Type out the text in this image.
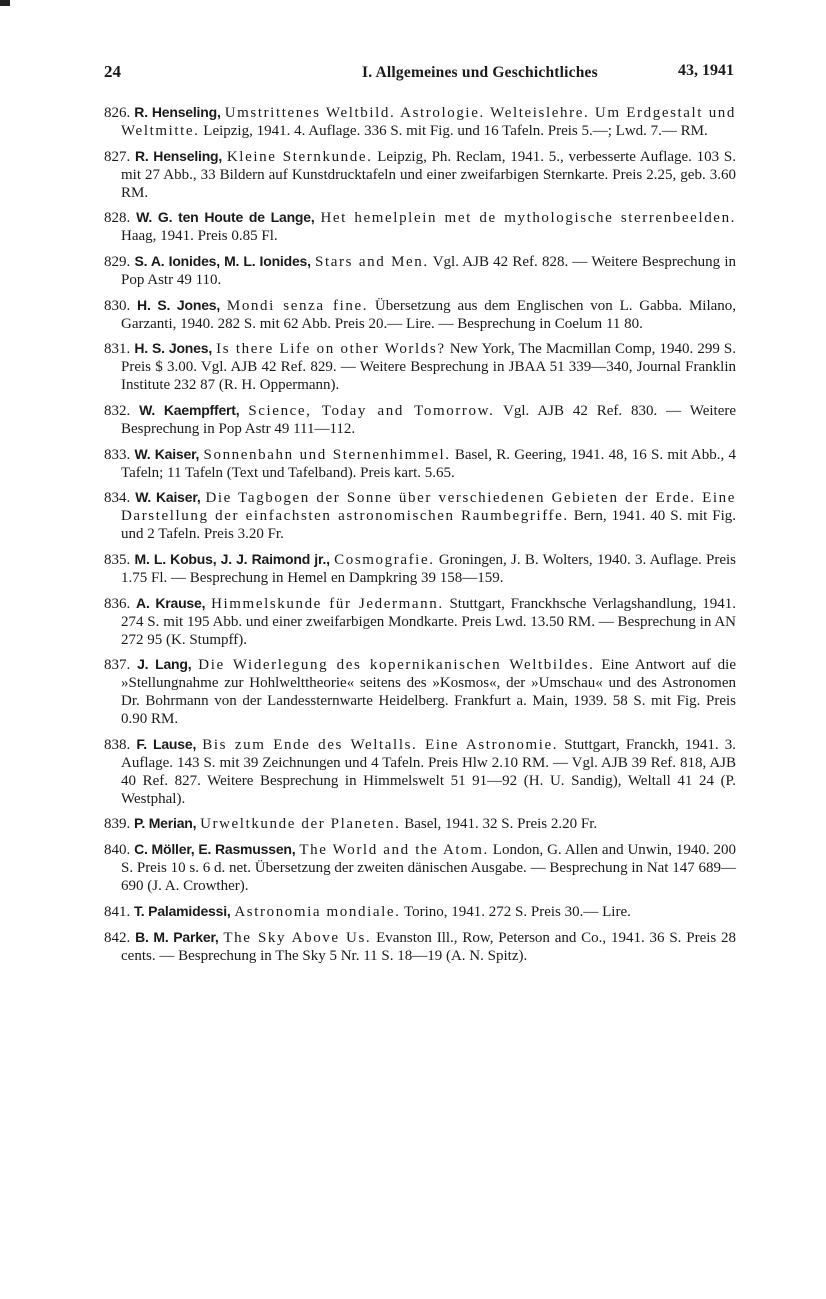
24	I. Allgemeines und Geschichtliches	43, 1941

826. R. Henseling, Umstrittenes Weltbild. Astrologie. Welteislehre. Um Erdgestalt und Weltmitte. Leipzig, 1941. 4. Auflage. 336 S. mit Fig. und 16 Tafeln. Preis 5.—; Lwd. 7.— RM.

827. R. Henseling, Kleine Sternkunde. Leipzig, Ph. Reclam, 1941. 5., verbesserte Auflage. 103 S. mit 27 Abb., 33 Bildern auf Kunstdrucktafeln und einer zweifarbigen Sternkarte. Preis 2.25, geb. 3.60 RM.

828. W. G. ten Houte de Lange, Het hemelplein met de mythologische sterrenbeelden. Haag, 1941. Preis 0.85 Fl.

829. S. A. Ionides, M. L. Ionides, Stars and Men. Vgl. AJB 42 Ref. 828. — Weitere Besprechung in Pop Astr 49 110.

830. H. S. Jones, Mondi senza fine. Übersetzung aus dem Englischen von L. Gabba. Milano, Garzanti, 1940. 282 S. mit 62 Abb. Preis 20.— Lire. — Besprechung in Coelum 11 80.

831. H. S. Jones, Is there Life on other Worlds? New York, The Macmillan Comp, 1940. 299 S. Preis $ 3.00. Vgl. AJB 42 Ref. 829. — Weitere Besprechung in JBAA 51 339—340, Journal Franklin Institute 232 87 (R. H. Oppermann).

832. W. Kaempffert, Science, Today and Tomorrow. Vgl. AJB 42 Ref. 830. — Weitere Besprechung in Pop Astr 49 111—112.

833. W. Kaiser, Sonnenbahn und Sternenhimmel. Basel, R. Geering, 1941. 48, 16 S. mit Abb., 4 Tafeln; 11 Tafeln (Text und Tafelband). Preis kart. 5.65.

834. W. Kaiser, Die Tagbogen der Sonne über verschiedenen Gebieten der Erde. Eine Darstellung der einfachsten astronomischen Raumbegriffe. Bern, 1941. 40 S. mit Fig. und 2 Tafeln. Preis 3.20 Fr.

835. M. L. Kobus, J. J. Raimond jr., Cosmografie. Groningen, J. B. Wolters, 1940. 3. Auflage. Preis 1.75 Fl. — Besprechung in Hemel en Dampkring 39 158—159.

836. A. Krause, Himmelskunde für Jedermann. Stuttgart, Franckhsche Verlagshandlung, 1941. 274 S. mit 195 Abb. und einer zweifarbigen Mondkarte. Preis Lwd. 13.50 RM. — Besprechung in AN 272 95 (K. Stumpff).

837. J. Lang, Die Widerlegung des kopernikanischen Weltbildes. Eine Antwort auf die »Stellungnahme zur Hohlwelttheorie« seitens des »Kosmos«, der »Umschau« und des Astronomen Dr. Bohrmann von der Landessternwarte Heidelberg. Frankfurt a. Main, 1939. 58 S. mit Fig. Preis 0.90 RM.

838. F. Lause, Bis zum Ende des Weltalls. Eine Astronomie. Stuttgart, Franckh, 1941. 3. Auflage. 143 S. mit 39 Zeichnungen und 4 Tafeln. Preis Hlw 2.10 RM. — Vgl. AJB 39 Ref. 818, AJB 40 Ref. 827. Weitere Besprechung in Himmelswelt 51 91—92 (H. U. Sandig), Weltall 41 24 (P. Westphal).

839. P. Merian, Urweltkunde der Planeten. Basel, 1941. 32 S. Preis 2.20 Fr.

840. C. Möller, E. Rasmussen, The World and the Atom. London, G. Allen and Unwin, 1940. 200 S. Preis 10 s. 6 d. net. Übersetzung der zweiten dänischen Ausgabe. — Besprechung in Nat 147 689—690 (J. A. Crowther).

841. T. Palamidessi, Astronomia mondiale. Torino, 1941. 272 S. Preis 30.— Lire.

842. B. M. Parker, The Sky Above Us. Evanston Ill., Row, Peterson and Co., 1941. 36 S. Preis 28 cents. — Besprechung in The Sky 5 Nr. 11 S. 18—19 (A. N. Spitz).
